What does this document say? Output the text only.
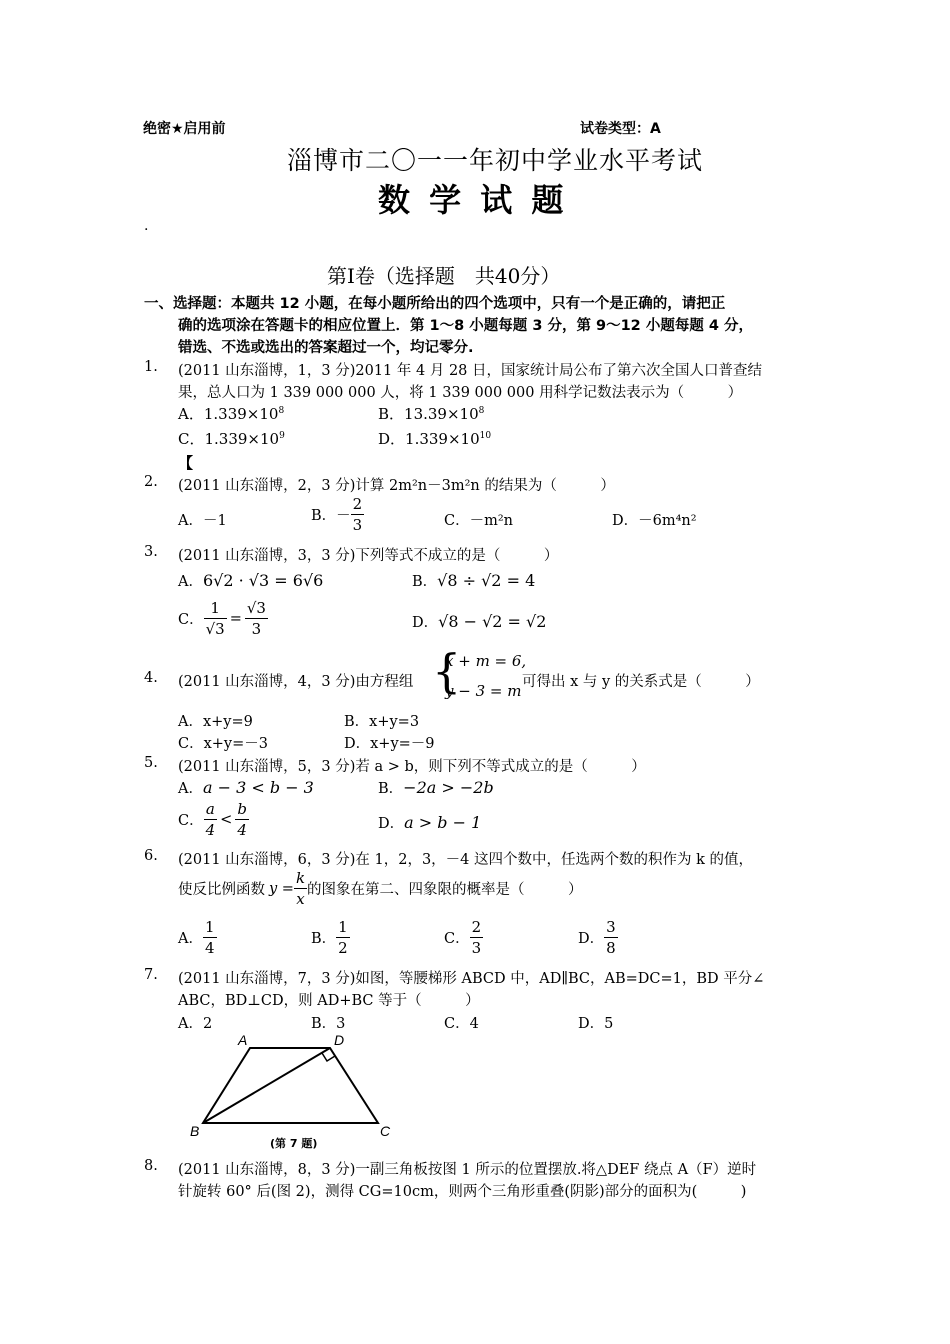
绝密★启用前	试卷类型：A
淄博市二〇一一年初中学业水平考试
数 学 试 题
.
第Ⅰ卷（选择题　共40分）
一、选择题：本题共 12 小题，在每小题所给出的四个选项中，只有一个是正确的，请把正
确的选项涂在答题卡的相应位置上．第 1～8 小题每题 3 分，第 9～12 小题每题 4 分，
错选、不选或选出的答案超过一个，均记零分.
1. (2011 山东淄博，1，3 分)2011 年 4 月 28 日，国家统计局公布了第六次全国人口普查结
果，总人口为 1 339 000 000 人，将 1 339 000 000 用科学记数法表示为（　　　）
A．$1.339\times 10^8$	B．$13.39\times 10^8$
C．$1.339\times 10^9$	D．$1.339\times 10^{10}$
【
2. (2011 山东淄博，2，3 分)计算 2m²n－3m²n 的结果为（　　　）
A．－1	B．－ $\frac{2}{3}$	C．－m²n	D．－6m⁴n²
3. (2011 山东淄博，3，3 分)下列等式不成立的是（　　　）
A．6√2 · √3 = 6√6	B．√8 ÷ √2 = 4
C． $\frac{1}{√3} = \frac{√3}{3}$	D．√8 − √2 = √2
4. (2011 山东淄博，4，3 分)由方程组 {
x + m = 6,
y − 3 = m 可得出 x 与 y 的关系式是（　　　）
A．x+y=9	B．x+y=3
C．x+y=－3	D．x+y=－9
5. (2011 山东淄博，5，3 分)若 a > b，则下列不等式成立的是（　　　）
A．a − 3 < b − 3	B．−2a > −2b
C． $\frac{a}{4} < \frac{b}{4}$	D．a > b − 1
6. (2011 山东淄博，6，3 分)在 1，2，3，－4 这四个数中，任选两个数的积作为 k 的值，
使反比例函数 $y = \frac{k}{x}$ 的图象在第二、四象限的概率是（　　　）
A． $\frac{1}{4}$	B． $\frac{1}{2}$	C． $\frac{2}{3}$	D． $\frac{3}{8}$
7. (2011 山东淄博，7，3 分)如图，等腰梯形 ABCD 中，AD∥BC，AB=DC=1，BD 平分∠
ABC，BD⊥CD，则 AD+BC 等于（　　　）
A．2	B．3	C．4	D．5
A	D
B	C
(第 7 题)
8. (2011 山东淄博，8，3 分)一副三角板按图 1 所示的位置摆放.将△DEF 绕点 A（F）逆时
针旋转 60° 后(图 2)，测得 CG=10cm，则两个三角形重叠(阴影)部分的面积为(　　　)
